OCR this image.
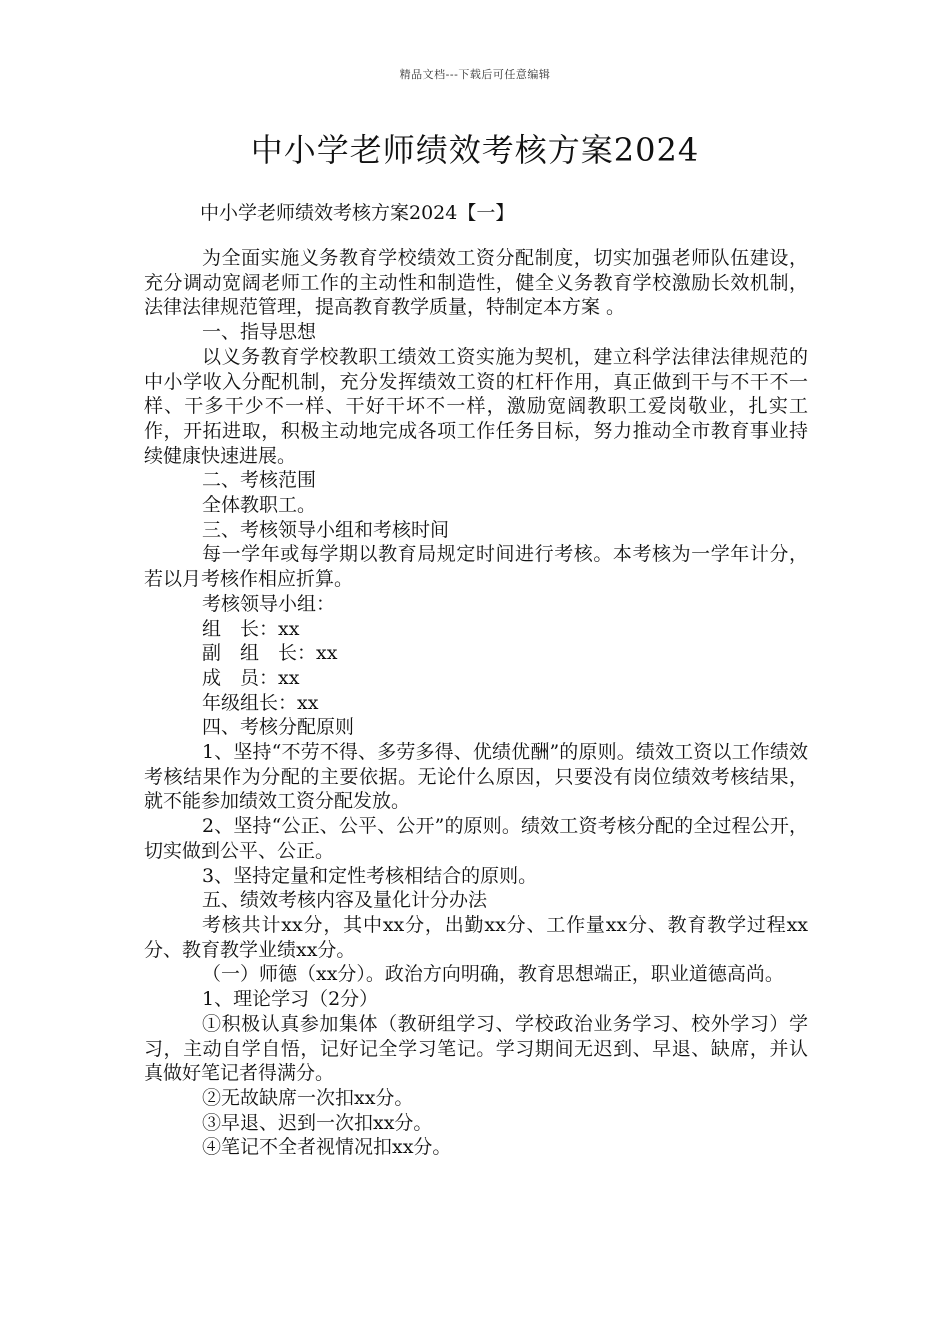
精品文档---下载后可任意编辑
中小学老师绩效考核方案2024
中小学老师绩效考核方案2024【一】

为全面实施义务教育学校绩效工资分配制度，切实加强老师队伍建设，充分调动宽阔老师工作的主动性和制造性，健全义务教育学校激励长效机制，法律法律规范管理，提高教育教学质量，特制定本方案 。

一、指导思想

以义务教育学校教职工绩效工资实施为契机，建立科学法律法律规范的中小学收入分配机制，充分发挥绩效工资的杠杆作用，真正做到干与不干不一样、干多干少不一样、干好干坏不一样，激励宽阔教职工爱岗敬业，扎实工作，开拓进取，积极主动地完成各项工作任务目标，努力推动全市教育事业持续健康快速进展。

二、考核范围

全体教职工。

三、考核领导小组和考核时间

每一学年或每学期以教育局规定时间进行考核。本考核为一学年计分，若以月考核作相应折算。

考核领导小组：

组　长：xx

副　组　长：xx

成　员：xx

年级组长：xx

四、考核分配原则

1、坚持“不劳不得、多劳多得、优绩优酬”的原则。绩效工资以工作绩效考核结果作为分配的主要依据。无论什么原因，只要没有岗位绩效考核结果，就不能参加绩效工资分配发放。

2、坚持“公正、公平、公开”的原则。绩效工资考核分配的全过程公开，切实做到公平、公正。

3、坚持定量和定性考核相结合的原则。

五、绩效考核内容及量化计分办法

考核共计xx分，其中xx分，出勤xx分、工作量xx分、教育教学过程xx分、教育教学业绩xx分。

（一）师德（xx分）。政治方向明确，教育思想端正，职业道德高尚。

1、理论学习（2分）

①积极认真参加集体（教研组学习、学校政治业务学习、校外学习）学习，主动自学自悟，记好记全学习笔记。学习期间无迟到、早退、缺席，并认真做好笔记者得满分。

②无故缺席一次扣xx分。

③早退、迟到一次扣xx分。

④笔记不全者视情况扣xx分。
